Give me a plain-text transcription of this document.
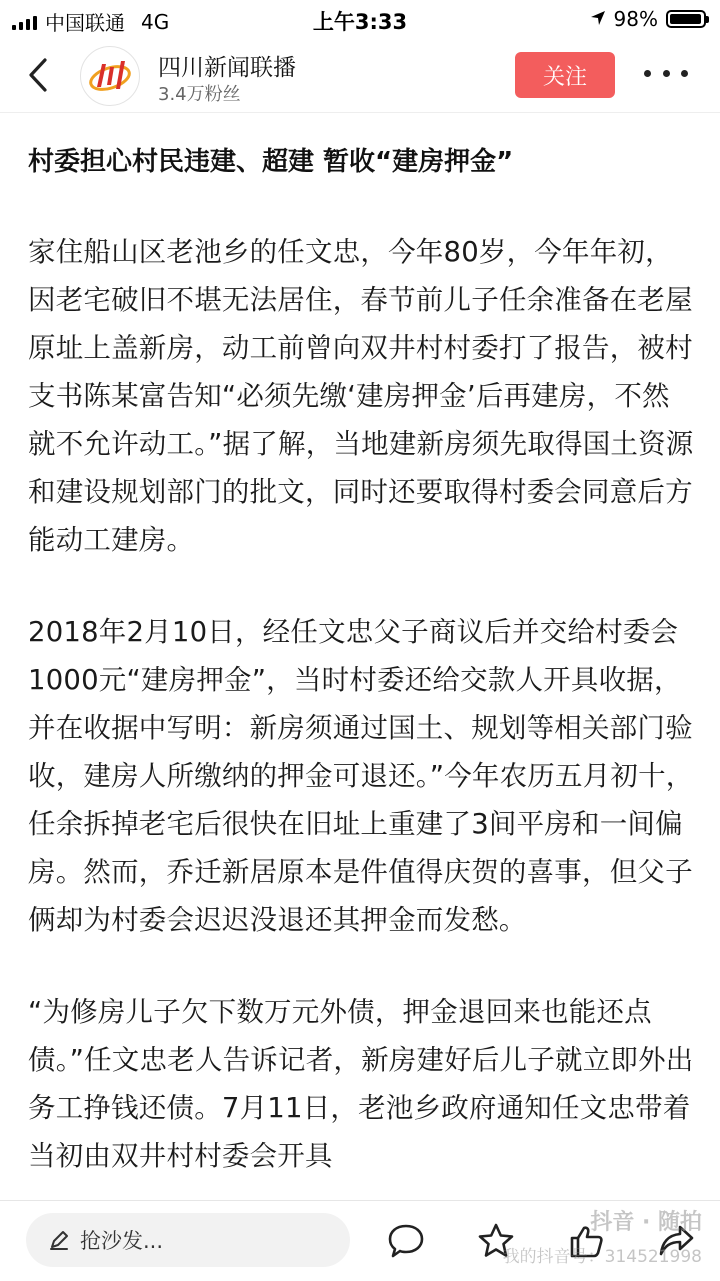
中国联通 4G	上午3:33	98%
四川新闻联播
3.4万粉丝
关注
村委担心村民违建、超建 暂收“建房押金”

家住船山区老池乡的任文忠，今年80岁，今年年初，因老宅破旧不堪无法居住，春节前儿子任余准备在老屋原址上盖新房，动工前曾向双井村村委打了报告，被村支书陈某富告知“必须先缴‘建房押金’后再建房，不然就不允许动工。”据了解，当地建新房须先取得国土资源和建设规划部门的批文，同时还要取得村委会同意后方能动工建房。

2018年2月10日，经任文忠父子商议后并交给村委会1000元“建房押金”，当时村委还给交款人开具收据，并在收据中写明：新房须通过国土、规划等相关部门验收，建房人所缴纳的押金可退还。”今年农历五月初十，任余拆掉老宅后很快在旧址上重建了3间平房和一间偏房。然而，乔迁新居原本是件值得庆贺的喜事，但父子俩却为村委会迟迟没退还其押金而发愁。

“为修房儿子欠下数万元外债，押金退回来也能还点债。”任文忠老人告诉记者，新房建好后儿子就立即外出务工挣钱还债。7月11日，老池乡政府通知任文忠带着当初由双井村村委会开具

抢沙发...
抖音 · 随拍
我的抖音号：314521998
